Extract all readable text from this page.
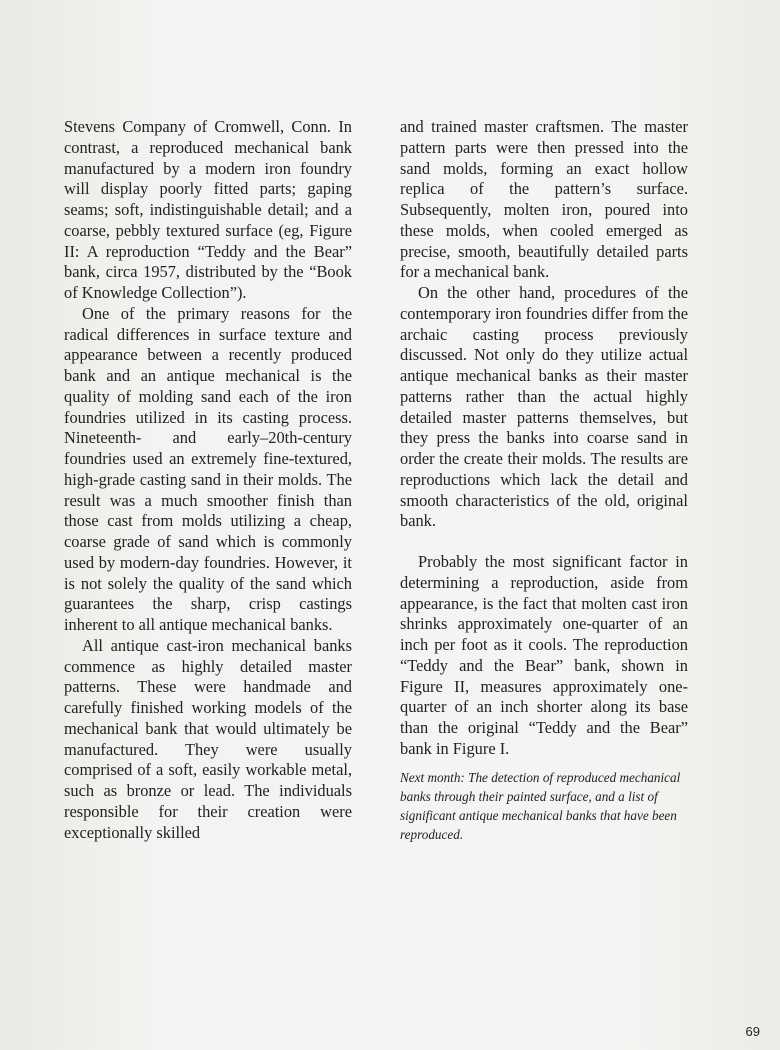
Stevens Company of Cromwell, Conn. In contrast, a reproduced mechanical bank manufactured by a modern iron foundry will display poorly fitted parts; gaping seams; soft, indistinguishable detail; and a coarse, pebbly textured surface (eg, Figure II: A reproduction “Teddy and the Bear” bank, circa 1957, distributed by the “Book of Knowledge Collection”).

One of the primary reasons for the radical differences in surface texture and appearance between a recently produced bank and an antique mechanical is the quality of molding sand each of the iron foundries utilized in its casting process. Nineteenth- and early–20th-century foundries used an extremely fine-textured, high-grade casting sand in their molds. The result was a much smoother finish than those cast from molds utilizing a cheap, coarse grade of sand which is commonly used by modern-day foundries. However, it is not solely the quality of the sand which guarantees the sharp, crisp castings inherent to all antique mechanical banks.

All antique cast-iron mechanical banks commence as highly detailed master patterns. These were handmade and carefully finished working models of the mechanical bank that would ultimately be manufactured. They were usually comprised of a soft, easily workable metal, such as bronze or lead. The individuals responsible for their creation were exceptionally skilled

and trained master craftsmen. The master pattern parts were then pressed into the sand molds, forming an exact hollow replica of the pattern’s surface. Subsequently, molten iron, poured into these molds, when cooled emerged as precise, smooth, beautifully detailed parts for a mechanical bank.

On the other hand, procedures of the contemporary iron foundries differ from the archaic casting process previously discussed. Not only do they utilize actual antique mechanical banks as their master patterns rather than the actual highly detailed master patterns themselves, but they press the banks into coarse sand in order the create their molds. The results are reproductions which lack the detail and smooth characteristics of the old, original bank.

Probably the most significant factor in determining a reproduction, aside from appearance, is the fact that molten cast iron shrinks approximately one-quarter of an inch per foot as it cools. The reproduction “Teddy and the Bear” bank, shown in Figure II, measures approximately one-quarter of an inch shorter along its base than the original “Teddy and the Bear” bank in Figure I.

Next month: The detection of reproduced mechanical banks through their painted surface, and a list of significant antique mechanical banks that have been reproduced.

69
